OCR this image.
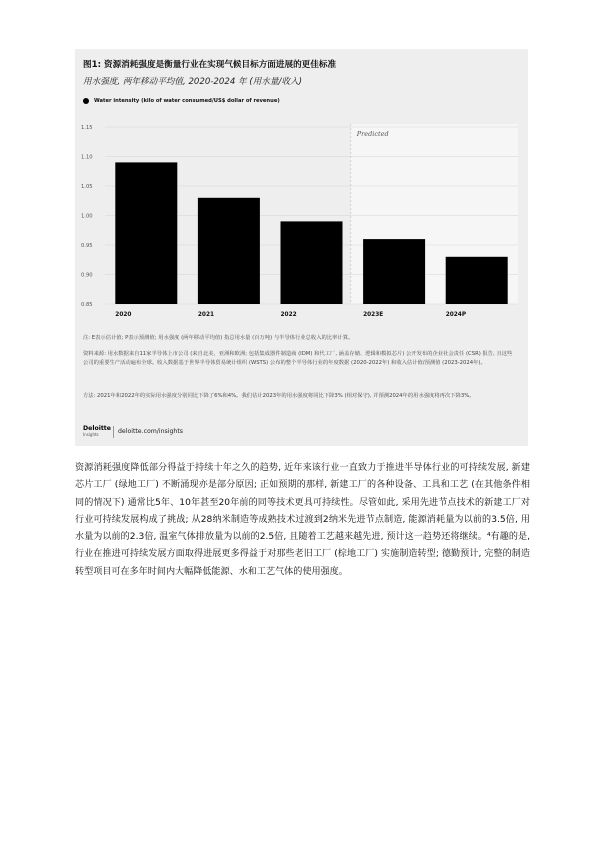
图1: 资源消耗强度是衡量行业在实现气候目标方面进展的更佳标准
用水强度, 两年移动平均值, 2020-2024 年 (用水量/收入)
Water intensity (kilo of water consumed/US$ dollar of revenue)
Predicted
0.85
0.90
0.95
1.00
1.05
1.10
1.15
2020	2021	2022	2023E	2024P
注: E表示估计值; P表示预测值; 用水强度 (两年移动平均值) 指总用水量 (百万吨) 与半导体行业总收入的比率计算。
资料来源: 用水数据来自11家半导体上市公司 (来自北美、亚洲和欧洲; 包括集成器件制造商 (IDM) 和代工厂, 涵盖存储、逻辑和模拟芯片) 公开发布的企业社会责任 (CSR) 报告, 且这些公司的重要生产活动遍布全球。收入数据基于世界半导体贸易统计组织 (WSTS) 公布的整个半导体行业的年度数据 (2020-2022年) 和收入估计值/预测值 (2023-2024年)。
方法: 2021年和2022年的实际用水强度分别同比下降了6%和4%。我们估计2023年的用水强度将同比下降3% (相对保守), 并预测2024年的用水强度将再次下降3%。
Deloitte
Insights	deloitte.com/insights
资源消耗强度降低部分得益于持续十年之久的趋势, 近年来该行业一直致力于推进半导体行业的可持续发展, 新建芯片工厂 (绿地工厂) 不断涌现亦是部分原因; 正如预期的那样, 新建工厂的各种设备、工具和工艺 (在其他条件相同的情况下) 通常比5年、10年甚至20年前的同等技术更具可持续性。尽管如此, 采用先进节点技术的新建工厂对行业可持续发展构成了挑战; 从28纳米制造等成熟技术过渡到2纳米先进节点制造, 能源消耗量为以前的3.5倍, 用水量为以前的2.3倍, 温室气体排放量为以前的2.5倍, 且随着工艺越来越先进, 预计这一趋势还将继续。⁴有趣的是, 行业在推进可持续发展方面取得进展更多得益于对那些老旧工厂 (棕地工厂) 实施制造转型; 德勤预计, 完整的制造转型项目可在多年时间内大幅降低能源、水和工艺气体的使用强度。
